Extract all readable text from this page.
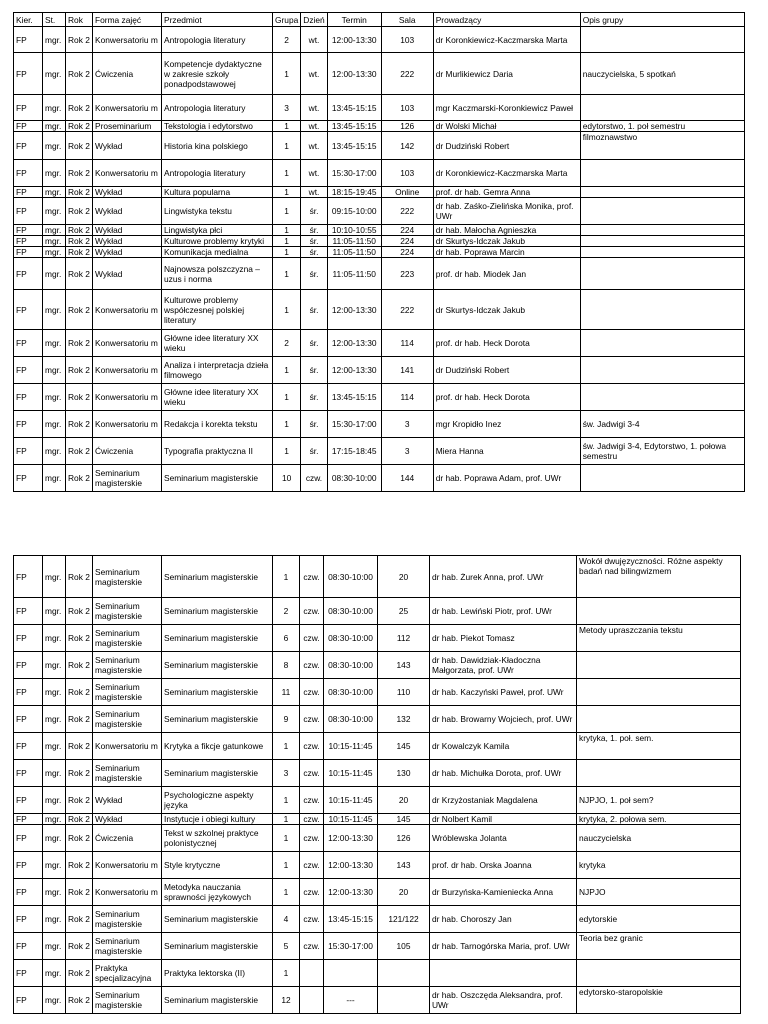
Kier.	St.	Rok	Forma zajęć	Przedmiot	Grupa	Dzień	Termin	Sala	Prowadzący	Opis grupy
FP	mgr.	Rok 2	Konwersatoriu m	Antropologia literatury	2	wt.	12:00-13:30	103	dr Koronkiewicz-Kaczmarska Marta	
FP	mgr.	Rok 2	Ćwiczenia	Kompetencje dydaktyczne w zakresie szkoły ponadpodstawowej	1	wt.	12:00-13:30	222	dr Murlikiewicz Daria	nauczycielska, 5 spotkań
FP	mgr.	Rok 2	Konwersatoriu m	Antropologia literatury	3	wt.	13:45-15:15	103	mgr Kaczmarski-Koronkiewicz Paweł	
FP	mgr.	Rok 2	Proseminarium	Tekstologia i edytorstwo	1	wt.	13:45-15:15	126	dr Wolski Michał	edytorstwo, 1. poł semestru
FP	mgr.	Rok 2	Wykład	Historia kina polskiego	1	wt.	13:45-15:15	142	dr Dudziński Robert	filmoznawstwo
FP	mgr.	Rok 2	Konwersatoriu m	Antropologia literatury	1	wt.	15:30-17:00	103	dr Koronkiewicz-Kaczmarska Marta	
FP	mgr.	Rok 2	Wykład	Kultura popularna	1	wt.	18:15-19:45	Online	prof. dr hab. Gemra Anna	
FP	mgr.	Rok 2	Wykład	Lingwistyka tekstu	1	śr.	09:15-10:00	222	dr hab. Zaśko-Zielińska Monika, prof. UWr	
FP	mgr.	Rok 2	Wykład	Lingwistyka płci	1	śr.	10:10-10:55	224	dr hab. Małocha Agnieszka	
FP	mgr.	Rok 2	Wykład	Kulturowe problemy krytyki	1	śr.	11:05-11:50	224	dr Skurtys-Idczak Jakub	
FP	mgr.	Rok 2	Wykład	Komunikacja medialna	1	śr.	11:05-11:50	224	dr hab. Poprawa Marcin	
FP	mgr.	Rok 2	Wykład	Najnowsza polszczyzna – uzus i norma	1	śr.	11:05-11:50	223	prof. dr hab. Miodek Jan	
FP	mgr.	Rok 2	Konwersatoriu m	Kulturowe problemy współczesnej polskiej literatury	1	śr.	12:00-13:30	222	dr Skurtys-Idczak Jakub	
FP	mgr.	Rok 2	Konwersatoriu m	Główne idee literatury XX wieku	2	śr.	12:00-13:30	114	prof. dr hab. Heck Dorota	
FP	mgr.	Rok 2	Konwersatoriu m	Analiza i interpretacja dzieła filmowego	1	śr.	12:00-13:30	141	dr Dudziński Robert	
FP	mgr.	Rok 2	Konwersatoriu m	Główne idee literatury XX wieku	1	śr.	13:45-15:15	114	prof. dr hab. Heck Dorota	
FP	mgr.	Rok 2	Konwersatoriu m	Redakcja i korekta tekstu	1	śr.	15:30-17:00	3	mgr Kropidło Inez	św. Jadwigi 3-4
FP	mgr.	Rok 2	Ćwiczenia	Typografia praktyczna II	1	śr.	17:15-18:45	3	Miera Hanna	św. Jadwigi 3-4, Edytorstwo, 1. połowa semestru
FP	mgr.	Rok 2	Seminarium magisterskie	Seminarium magisterskie	10	czw.	08:30-10:00	144	dr hab. Poprawa Adam, prof. UWr	
FP	mgr.	Rok 2	Seminarium magisterskie	Seminarium magisterskie	1	czw.	08:30-10:00	20	dr hab. Żurek Anna, prof. UWr	Wokół dwujęzyczności. Różne aspekty badań nad bilingwizmem
FP	mgr.	Rok 2	Seminarium magisterskie	Seminarium magisterskie	2	czw.	08:30-10:00	25	dr hab. Lewiński Piotr, prof. UWr	
FP	mgr.	Rok 2	Seminarium magisterskie	Seminarium magisterskie	6	czw.	08:30-10:00	112	dr hab. Piekot Tomasz	Metody upraszczania tekstu
FP	mgr.	Rok 2	Seminarium magisterskie	Seminarium magisterskie	8	czw.	08:30-10:00	143	dr hab. Dawidziak-Kładoczna Małgorzata, prof. UWr	
FP	mgr.	Rok 2	Seminarium magisterskie	Seminarium magisterskie	11	czw.	08:30-10:00	110	dr hab. Kaczyński Paweł, prof. UWr	
FP	mgr.	Rok 2	Seminarium magisterskie	Seminarium magisterskie	9	czw.	08:30-10:00	132	dr hab. Browarny Wojciech, prof. UWr	
FP	mgr.	Rok 2	Konwersatoriu m	Krytyka a fikcje gatunkowe	1	czw.	10:15-11:45	145	dr Kowalczyk Kamila	krytyka, 1. poł. sem.
FP	mgr.	Rok 2	Seminarium magisterskie	Seminarium magisterskie	3	czw.	10:15-11:45	130	dr hab. Michułka Dorota, prof. UWr	
FP	mgr.	Rok 2	Wykład	Psychologiczne aspekty języka	1	czw.	10:15-11:45	20	dr Krzyżostaniak Magdalena	NJPJO, 1. poł sem?
FP	mgr.	Rok 2	Wykład	Instytucje i obiegi kultury	1	czw.	10:15-11:45	145	dr Nolbert Kamil	krytyka, 2. połowa sem.
FP	mgr.	Rok 2	Ćwiczenia	Tekst w szkolnej praktyce polonistycznej	1	czw.	12:00-13:30	126	Wróblewska Jolanta	nauczycielska
FP	mgr.	Rok 2	Konwersatoriu m	Style krytyczne	1	czw.	12:00-13:30	143	prof. dr hab. Orska Joanna	krytyka
FP	mgr.	Rok 2	Konwersatoriu m	Metodyka nauczania sprawności językowych	1	czw.	12:00-13:30	20	dr Burzyńska-Kamieniecka Anna	NJPJO
FP	mgr.	Rok 2	Seminarium magisterskie	Seminarium magisterskie	4	czw.	13:45-15:15	121/122	dr hab. Choroszy Jan	edytorskie
FP	mgr.	Rok 2	Seminarium magisterskie	Seminarium magisterskie	5	czw.	15:30-17:00	105	dr hab. Tarnogórska Maria, prof. UWr	Teoria bez granic
FP	mgr.	Rok 2	Praktyka specjalizacyjna	Praktyka lektorska (II)	1					
FP	mgr.	Rok 2	Seminarium magisterskie	Seminarium magisterskie	12		---		dr hab. Oszczęda Aleksandra, prof. UWr	edytorsko-staropolskie
